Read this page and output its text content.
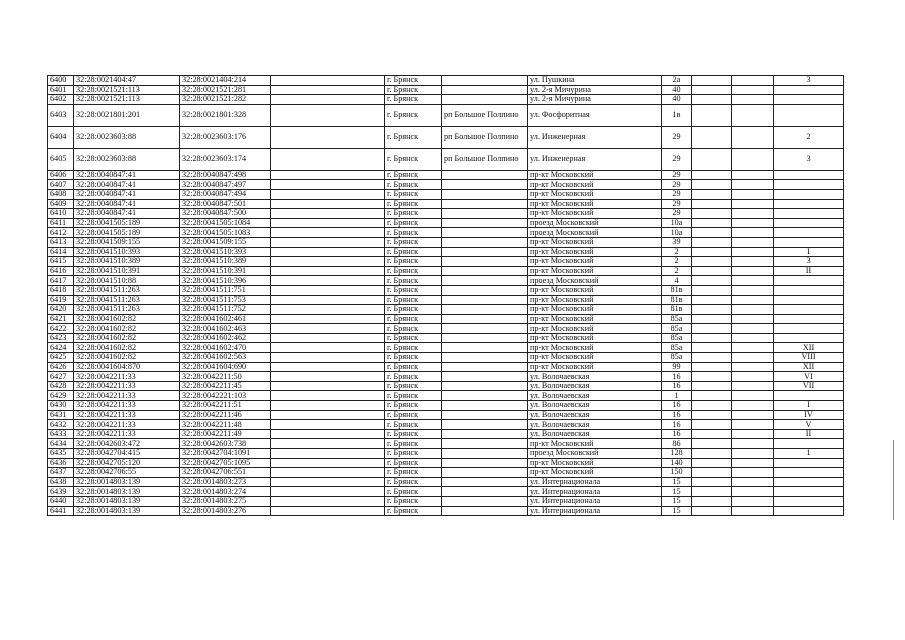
6400	32:28:0021404:47	32:28:0021404:214		г. Брянск		ул. Пушкина	2а			3
6401	32:28:0021521:113	32:28:0021521:281		г. Брянск		ул. 2-я Мичурина	40			
6402	32:28:0021521:113	32:28:0021521:282		г. Брянск		ул. 2-я Мичурина	40			
6403	32:28:0021801:201	32:28:0021801:328		г. Брянск	рп Большое Полпино	ул. Фосфоритная	1в			
6404	32:28:0023603:88	32:28:0023603:176		г. Брянск	рп Большое Полпино	ул. Инженерная	29			2
6405	32:28:0023603:88	32:28:0023603:174		г. Брянск	рп Большое Полпино	ул. Инженерная	29			3
6406	32:28:0040847:41	32:28:0040847:498		г. Брянск		пр-кт Московский	29			
6407	32:28:0040847:41	32:28:0040847:497		г. Брянск		пр-кт Московский	29			
6408	32:28:0040847:41	32:28:0040847:494		г. Брянск		пр-кт Московский	29			
6409	32:28:0040847:41	32:28:0040847:501		г. Брянск		пр-кт Московский	29			
6410	32:28:0040847:41	32:28:0040847:500		г. Брянск		пр-кт Московский	29			
6411	32:28:0041505:189	32:28:0041505:1084		г. Брянск		проезд Московский	10а			
6412	32:28:0041505:189	32:28:0041505:1083		г. Брянск		проезд Московский	10а			
6413	32:28:0041509:155	32:28:0041509:155		г. Брянск		пр-кт Московский	39			
6414	32:28:0041510:393	32:28:0041510:393		г. Брянск		пр-кт Московский	2			I
6415	32:28:0041510:389	32:28:0041510:389		г. Брянск		пр-кт Московский	2			3
6416	32:28:0041510:391	32:28:0041510:391		г. Брянск		пр-кт Московский	2			II
6417	32:28:0041510:88	32:28:0041510:396		г. Брянск		проезд Московский	4			
6418	32:28:0041511:263	32:28:0041511:751		г. Брянск		пр-кт Московский	81в			
6419	32:28:0041511:263	32:28:0041511:753		г. Брянск		пр-кт Московский	81в			
6420	32:28:0041511:263	32:28:0041511:752		г. Брянск		пр-кт Московский	81в			
6421	32:28:0041602:82	32:28:0041602:461		г. Брянск		пр-кт Московский	85а			
6422	32:28:0041602:82	32:28:0041602:463		г. Брянск		пр-кт Московский	85а			
6423	32:28:0041602:82	32:28:0041602:462		г. Брянск		пр-кт Московский	85а			
6424	32:28:0041602:82	32:28:0041602:470		г. Брянск		пр-кт Московский	85а			XII
6425	32:28:0041602:82	32:28:0041602:563		г. Брянск		пр-кт Московский	85а			VIII
6426	32:28:0041604:870	32:28:0041604:690		г. Брянск		пр-кт Московский	99			XII
6427	32:28:0042211:33	32:28:0042211:50		г. Брянск		ул. Волочаевская	16			VI
6428	32:28:0042211:33	32:28:0042211:45		г. Брянск		ул. Волочаевская	16			VII
6429	32:28:0042211:33	32:28:0042221:103		г. Брянск		ул. Волочаевская	1			
6430	32:28:0042211:33	32:28:0042211:51		г. Брянск		ул. Волочаевская	16			I
6431	32:28:0042211:33	32:28:0042211:46		г. Брянск		ул. Волочаевская	16			IV
6432	32:28:0042211:33	32:28:0042211:48		г. Брянск		ул. Волочаевская	16			V
6433	32:28:0042211:33	32:28:0042211:49		г. Брянск		ул. Волочаевская	16			II
6434	32:28:0042603:472	32:28:0042603:738		г. Брянск		пр-кт Московский	86			
6435	32:28:0042704:415	32:28:0042704:1091		г. Брянск		проезд Московский	128			1
6436	32:28:0042705:120	32:28:0042705:1095		г. Брянск		пр-кт Московский	140			
6437	32:28:0042706:55	32:28:0042706:551		г. Брянск		пр-кт Московский	150			
6438	32:28:0014803:139	32:28:0014803:273		г. Брянск		ул. Интернационала	15			
6439	32:28:0014803:139	32:28:0014803:274		г. Брянск		ул. Интернационала	15			
6440	32:28:0014803:139	32:28:0014803:275		г. Брянск		ул. Интернационала	15			
6441	32:28:0014803:139	32:28:0014803:276		г. Брянск		ул. Интернационала	15			
